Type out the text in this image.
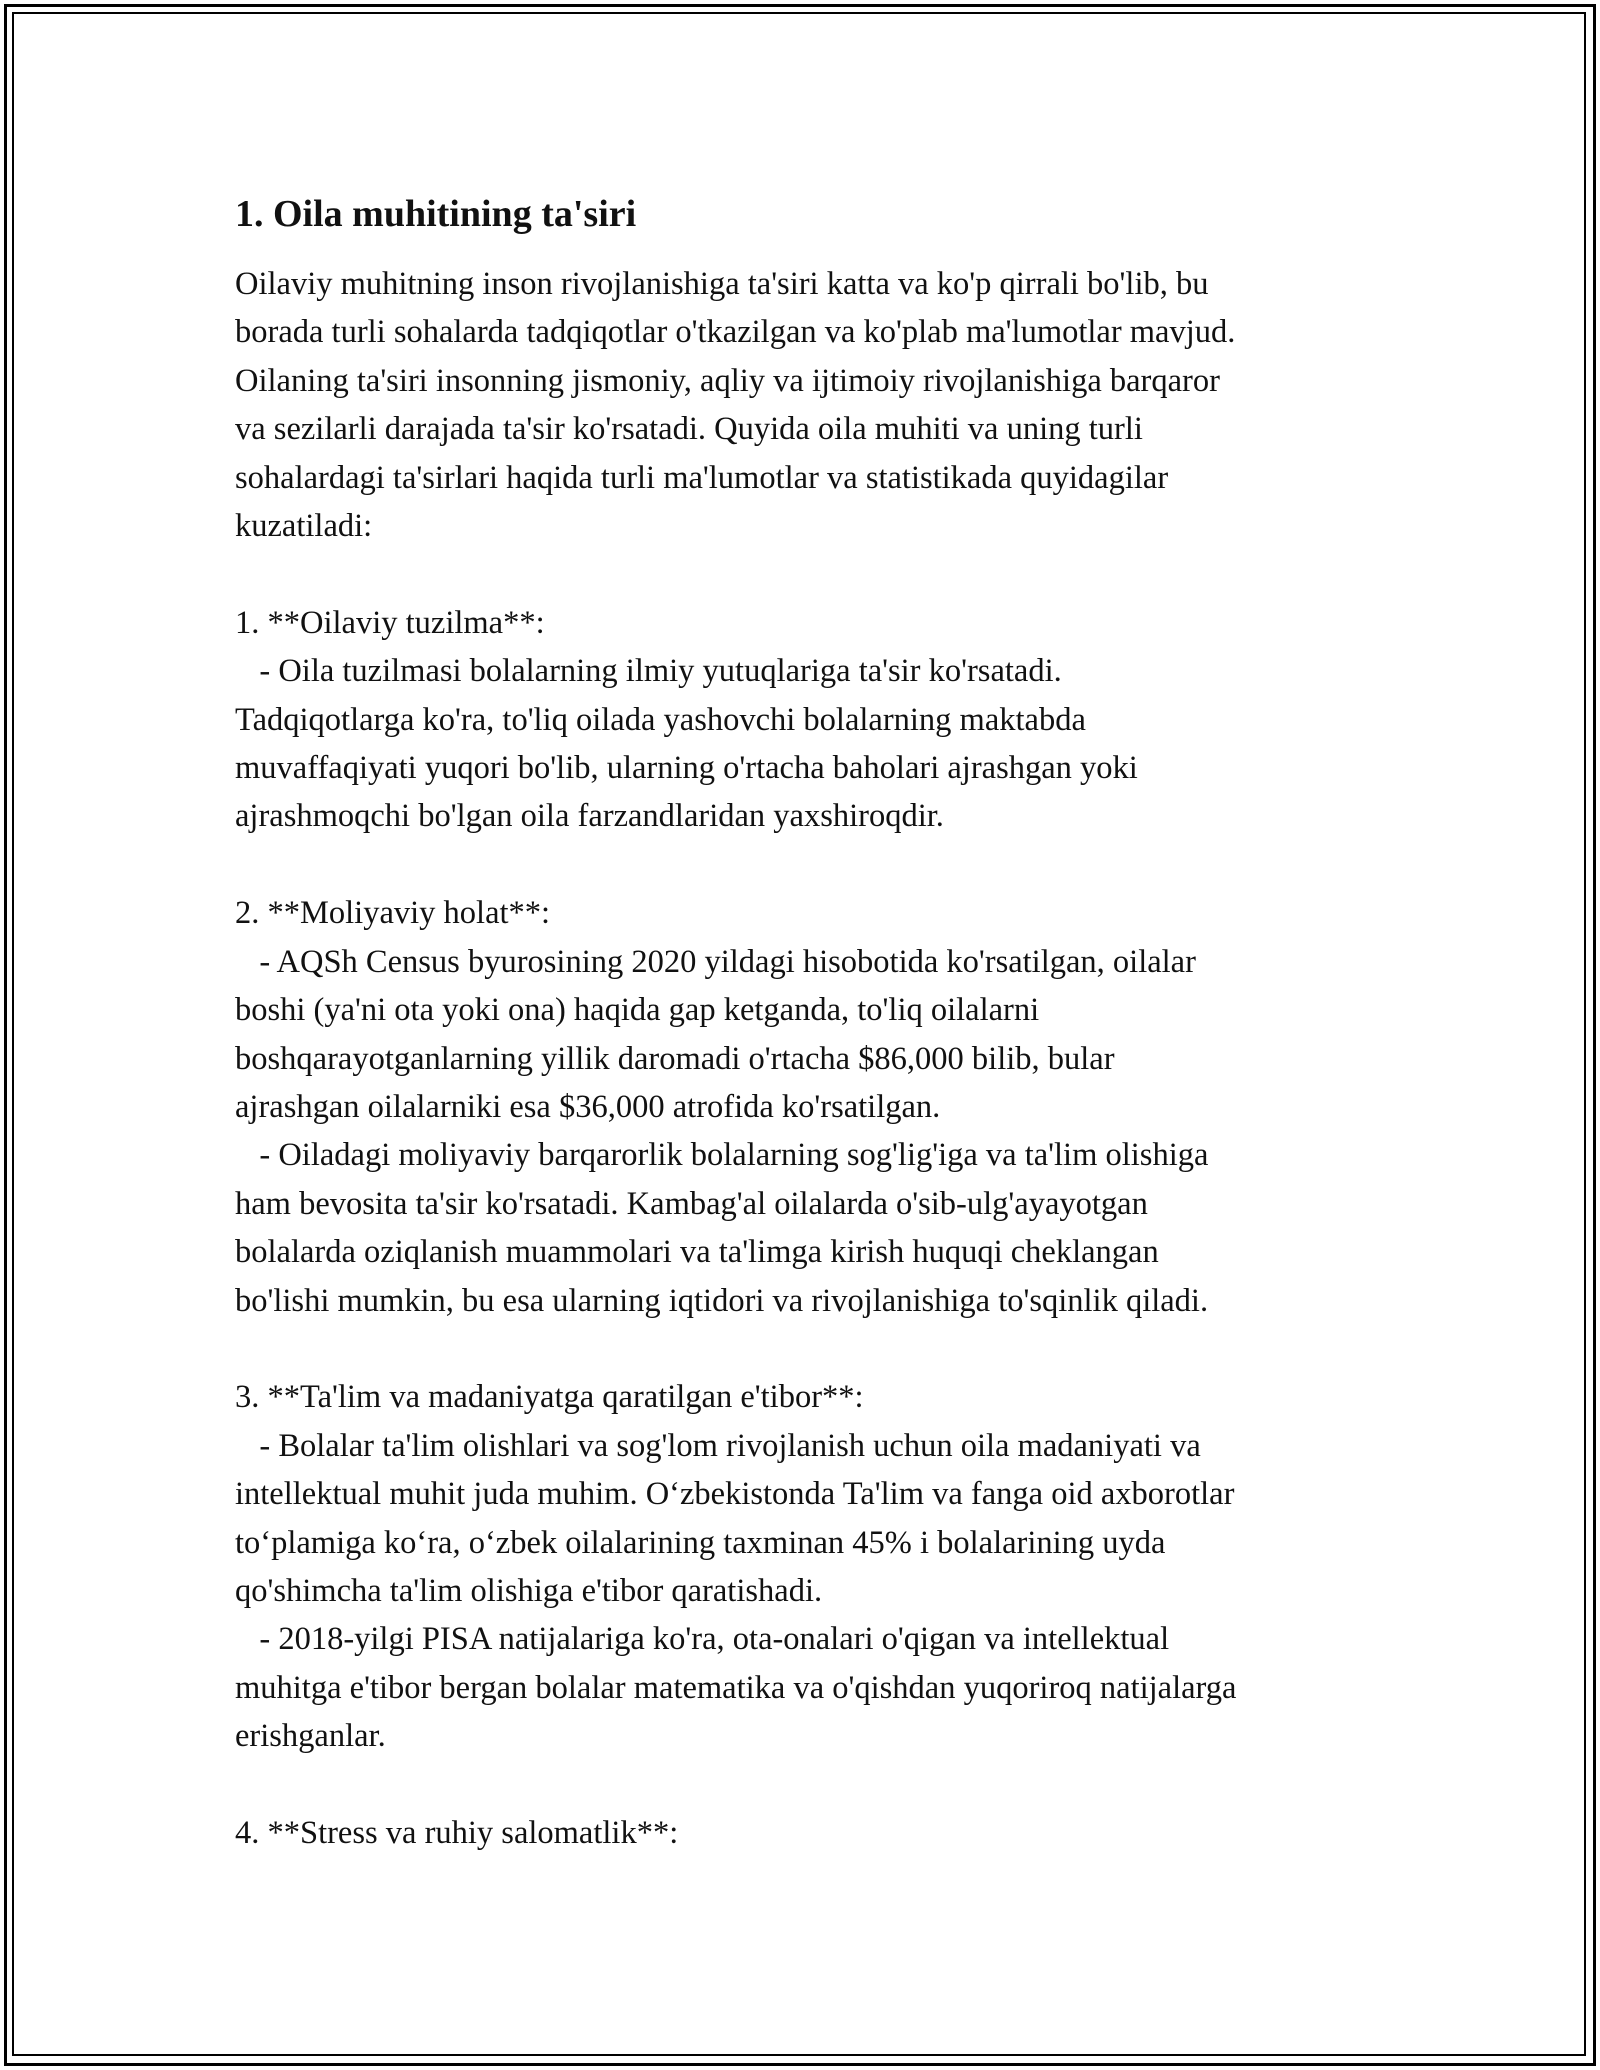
1. Oila muhitining ta'siri
Oilaviy muhitning inson rivojlanishiga ta'siri katta va ko'p qirrali bo'lib, bu
borada turli sohalarda tadqiqotlar o'tkazilgan va ko'plab ma'lumotlar mavjud.
Oilaning ta'siri insonning jismoniy, aqliy va ijtimoiy rivojlanishiga barqaror
va sezilarli darajada ta'sir ko'rsatadi. Quyida oila muhiti va uning turli
sohalardagi ta'sirlari haqida turli ma'lumotlar va statistikada quyidagilar
kuzatiladi:

1. **Oilaviy tuzilma**:
- Oila tuzilmasi bolalarning ilmiy yutuqlariga ta'sir ko'rsatadi.
Tadqiqotlarga ko'ra, to'liq oilada yashovchi bolalarning maktabda
muvaffaqiyati yuqori bo'lib, ularning o'rtacha baholari ajrashgan yoki
ajrashmoqchi bo'lgan oila farzandlaridan yaxshiroqdir.

2. **Moliyaviy holat**:
- AQSh Census byurosining 2020 yildagi hisobotida ko'rsatilgan, oilalar
boshi (ya'ni ota yoki ona) haqida gap ketganda, to'liq oilalarni
boshqarayotganlarning yillik daromadi o'rtacha $86,000 bilib, bular
ajrashgan oilalarniki esa $36,000 atrofida ko'rsatilgan.
- Oiladagi moliyaviy barqarorlik bolalarning sog'lig'iga va ta'lim olishiga
ham bevosita ta'sir ko'rsatadi. Kambag'al oilalarda o'sib-ulg'ayayotgan
bolalarda oziqlanish muammolari va ta'limga kirish huquqi cheklangan
bo'lishi mumkin, bu esa ularning iqtidori va rivojlanishiga to'sqinlik qiladi.

3. **Ta'lim va madaniyatga qaratilgan e'tibor**:
- Bolalar ta'lim olishlari va sog'lom rivojlanish uchun oila madaniyati va
intellektual muhit juda muhim. O‘zbekistonda Ta'lim va fanga oid axborotlar
to‘plamiga ko‘ra, o‘zbek oilalarining taxminan 45% i bolalarining uyda
qo'shimcha ta'lim olishiga e'tibor qaratishadi.
- 2018-yilgi PISA natijalariga ko'ra, ota-onalari o'qigan va intellektual
muhitga e'tibor bergan bolalar matematika va o'qishdan yuqoriroq natijalarga
erishganlar.

4. **Stress va ruhiy salomatlik**:
